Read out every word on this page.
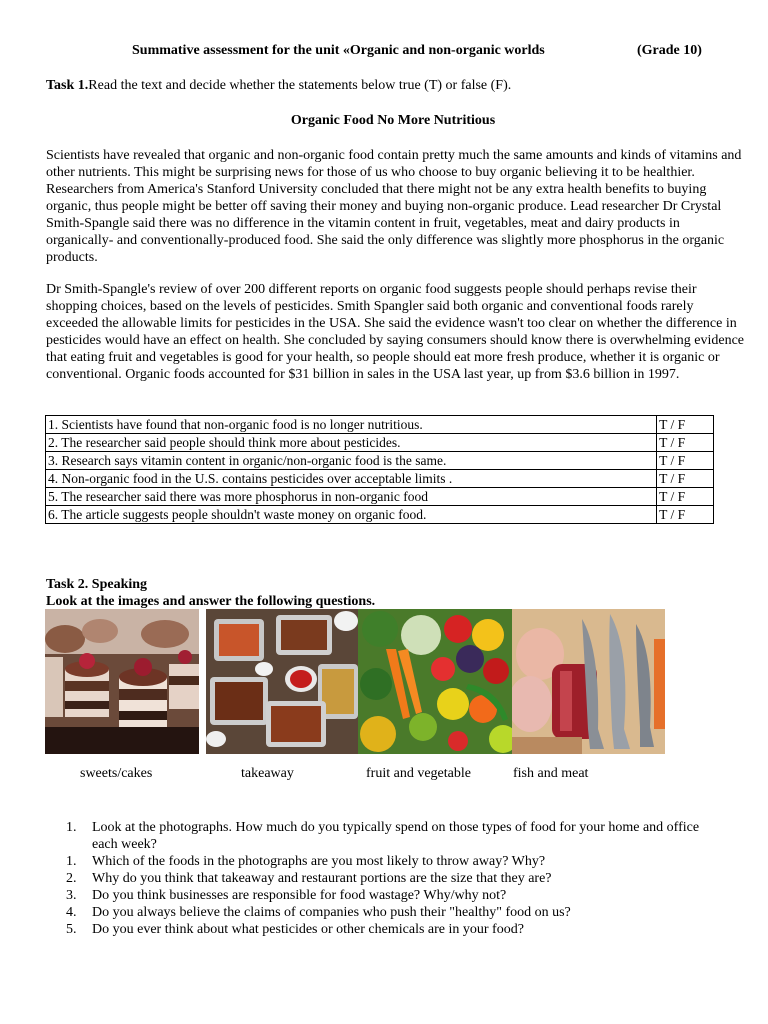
Summative assessment for the unit «Organic and non-organic worlds	(Grade 10)
Task 1.Read the text and decide whether the statements below true (T) or false (F).
Organic Food No More Nutritious
Scientists have revealed that organic and non-organic food contain pretty much the same amounts and kinds of vitamins and other nutrients. This might be surprising news for those of us who choose to buy organic believing it to be healthier. Researchers from America's Stanford University concluded that there might not be any extra health benefits to buying organic, thus people might be better off saving their money and buying non-organic produce. Lead researcher Dr Crystal Smith-Spangle said there was no difference in the vitamin content in fruit, vegetables, meat and dairy products in organically- and conventionally-produced food. She said the only difference was slightly more phosphorus in the organic products.
Dr Smith-Spangle's review of over 200 different reports on organic food suggests people should perhaps revise their shopping choices, based on the levels of pesticides. Smith Spangler said both organic and conventional foods rarely exceeded the allowable limits for pesticides in the USA. She said the evidence wasn't too clear on whether the difference in pesticides would have an effect on health. She concluded by saying consumers should know there is overwhelming evidence that eating fruit and vegetables is good for your health, so people should eat more fresh produce, whether it is organic or conventional. Organic foods accounted for $31 billion in sales in the USA last year, up from $3.6 billion in 1997.
1. Scientists have found that non-organic food is no longer nutritious.	T / F
2. The researcher said people should think more about pesticides.	T / F
3. Research says vitamin content in organic/non-organic food is the same.	T / F
4. Non-organic food in the U.S. contains pesticides over acceptable limits .	T / F
5. The researcher said there was more phosphorus in non-organic food	T / F
6. The article suggests people shouldn't waste money on organic food.	T / F
Task 2. Speaking
Look at the images and answer the following questions.
sweets/cakes	takeaway	fruit and vegetable	fish and meat
1. Look at the photographs. How much do you typically spend on those types of food for your home and office each week?
1. Which of the foods in the photographs are you most likely to throw away? Why?
2. Why do you think that takeaway and restaurant portions are the size that they are?
3. Do you think businesses are responsible for food wastage? Why/why not?
4. Do you always believe the claims of companies who push their "healthy" food on us?
5. Do you ever think about what pesticides or other chemicals are in your food?
